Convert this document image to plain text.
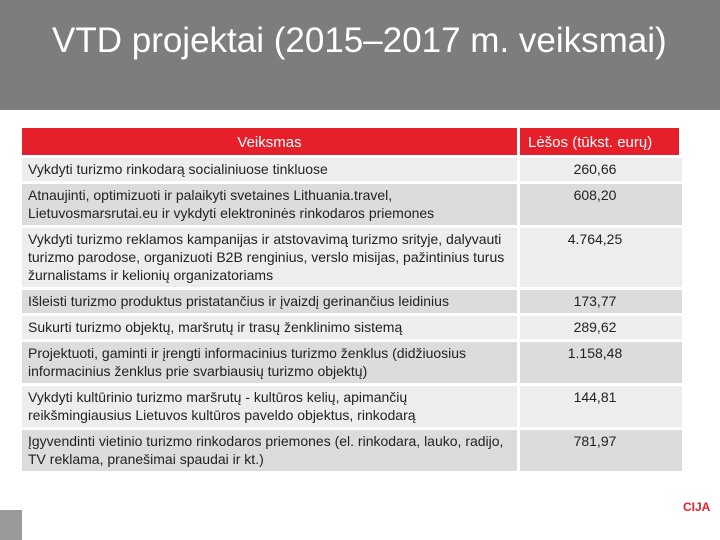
VTD projektai (2015–2017 m. veiksmai)
Veiksmas	Lėšos (tūkst. eurų)
Vykdyti turizmo rinkodarą socialiniuose tinkluose	260,66
Atnaujinti, optimizuoti ir palaikyti svetaines Lithuania.travel, Lietuvosmarsrutai.eu ir vykdyti elektroninės rinkodaros priemones	608,20
Vykdyti turizmo reklamos kampanijas ir atstovavimą turizmo srityje, dalyvauti turizmo parodose, organizuoti B2B renginius, verslo misijas, pažintinius turus žurnalistams ir kelionių organizatoriams	4.764,25
Išleisti turizmo produktus pristatančius ir įvaizdį gerinančius leidinius	173,77
Sukurti turizmo objektų, maršrutų ir trasų ženklinimo sistemą	289,62
Projektuoti, gaminti ir įrengti informacinius turizmo ženklus (didžiuosius informacinius ženklus prie svarbiausių turizmo objektų)	1.158,48
Vykdyti kultūrinio turizmo maršrutų - kultūros kelių, apimančių reikšmingiausius Lietuvos kultūros paveldo objektus, rinkodarą	144,81
Įgyvendinti vietinio turizmo rinkodaros priemones (el. rinkodara, lauko, radijo, TV reklama, pranešimai spaudai ir kt.)	781,97
CIJA
